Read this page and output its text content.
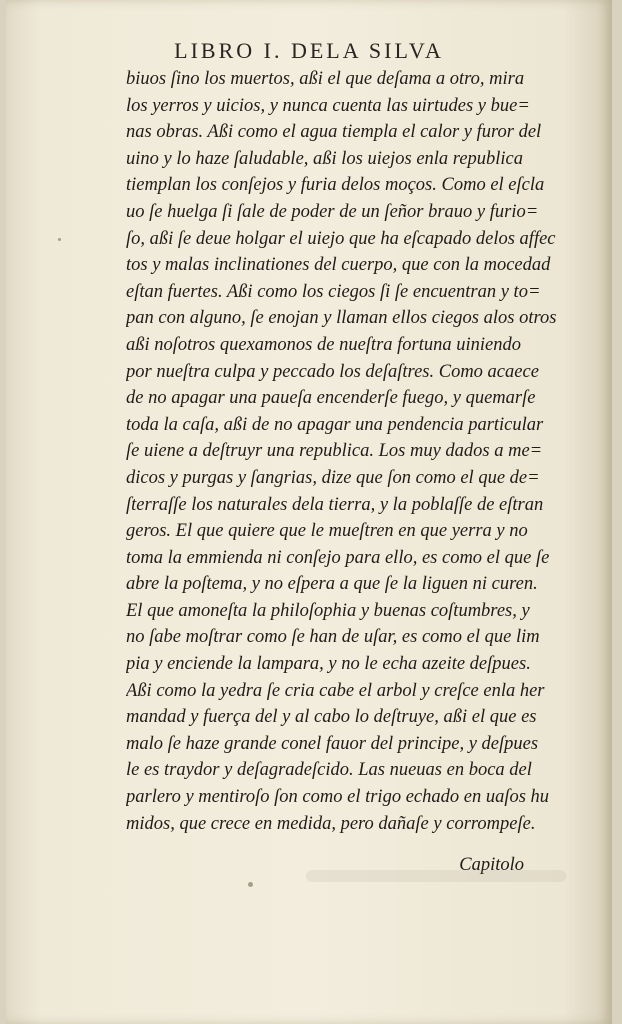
LIBRO I. DELA SILVA
biuos ſino los muertos, aßi el que deſama a otro, mira
los yerros y uicios, y nunca cuenta las uirtudes y bue=
nas obras. Aßi como el agua tiempla el calor y furor del
uino y lo haze ſaludable, aßi los uiejos enla republica
tiemplan los conſejos y furia delos moços. Como el eſcla
uo ſe huelga ſi ſale de poder de un ſeñor brauo y furio=
ſo, aßi ſe deue holgar el uiejo que ha eſcapado delos affec
tos y malas inclinationes del cuerpo, que con la mocedad
eſtan fuertes. Aßi como los ciegos ſi ſe encuentran y to=
pan con alguno, ſe enojan y llaman ellos ciegos alos otros
aßi noſotros quexamonos de nueſtra fortuna uiniendo
por nueſtra culpa y peccado los deſaſtres. Como acaece
de no apagar una paueſa encenderſe fuego, y quemarſe
toda la caſa, aßi de no apagar una pendencia particular
ſe uiene a deſtruyr una republica. Los muy dados a me=
dicos y purgas y ſangrias, dize que ſon como el que de=
ſterraſſe los naturales dela tierra, y la poblaſſe de eſtran
geros. El que quiere que le mueſtren en que yerra y no
toma la emmienda ni conſejo para ello, es como el que ſe
abre la poſtema, y no eſpera a que ſe la liguen ni curen.
El que amoneſta la philoſophia y buenas coſtumbres, y
no ſabe moſtrar como ſe han de uſar, es como el que lim
pia y enciende la lampara, y no le echa azeite deſpues.
Aßi como la yedra ſe cria cabe el arbol y creſce enla her
mandad y fuerça del y al cabo lo deſtruye, aßi el que es
malo ſe haze grande conel fauor del principe, y deſpues
le es traydor y deſagradeſcido. Las nueuas en boca del
parlero y mentiroſo ſon como el trigo echado en uaſos hu
midos, que crece en medida, pero dañaſe y corrompeſe.
Capitolo
